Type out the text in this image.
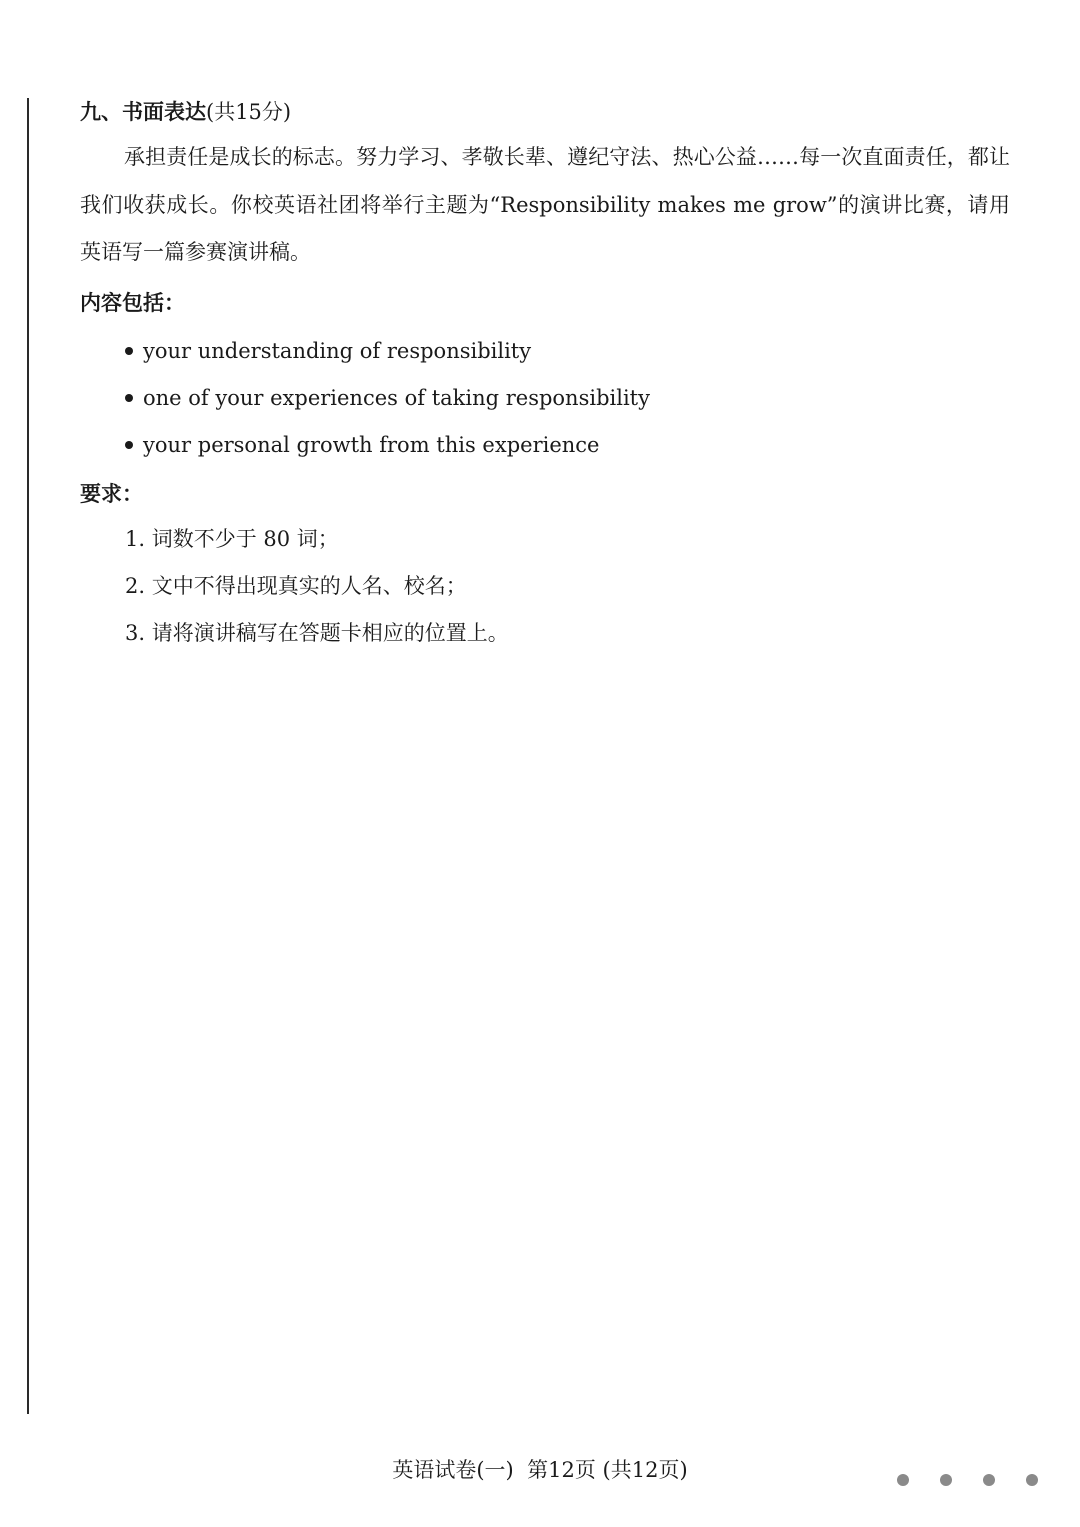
九、书面表达(共15分)
承担责任是成长的标志。努力学习、孝敬长辈、遵纪守法、热心公益……每一次直面责任，都让我们收获成长。你校英语社团将举行主题为“Responsibility makes me grow”的演讲比赛，请用英语写一篇参赛演讲稿。
内容包括：
your understanding of responsibility
one of your experiences of taking responsibility
your personal growth from this experience
要求：
1. 词数不少于 80 词；
2. 文中不得出现真实的人名、校名；
3. 请将演讲稿写在答题卡相应的位置上。
英语试卷(一) 第12页 (共12页)
